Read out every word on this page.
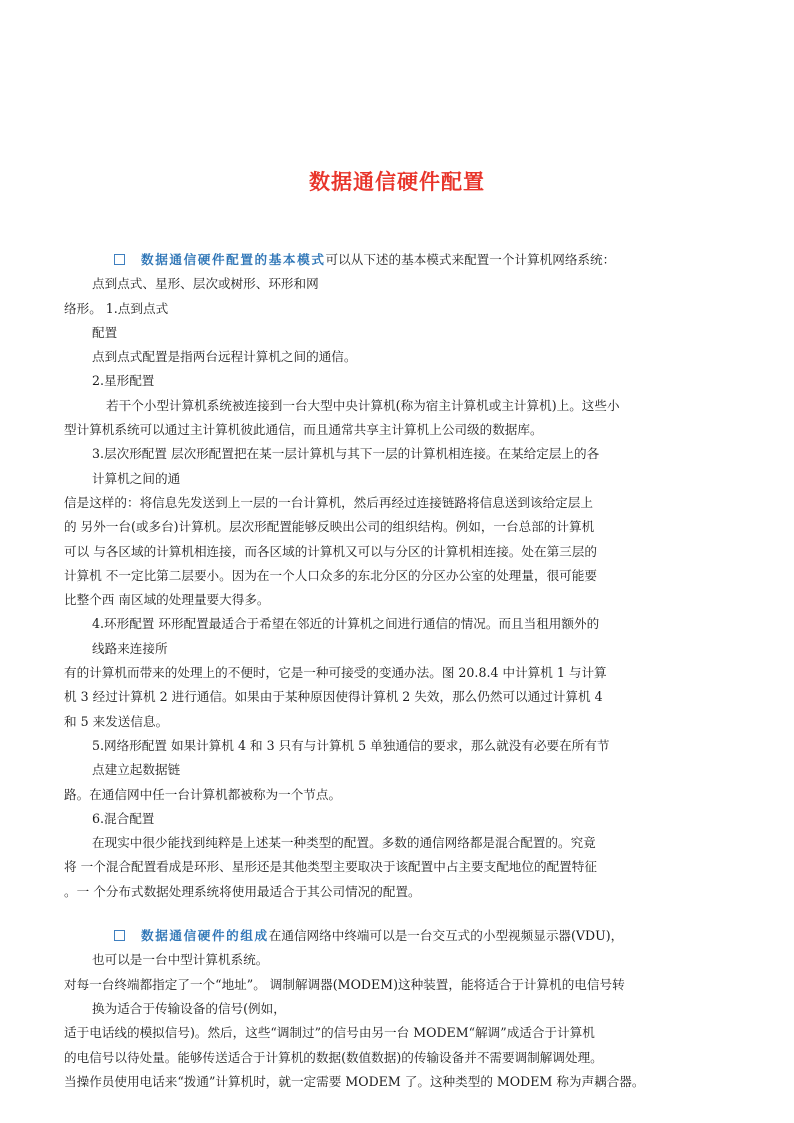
数据通信硬件配置
数据通信硬件配置的基本模式可以从下述的基本模式来配置一个计算机网络系统：
点到点式、星形、层次或树形、环形和网
络形。 1.点到点式
配置
点到点式配置是指两台远程计算机之间的通信。
2.星形配置
若干个小型计算机系统被连接到一台大型中央计算机(称为宿主计算机或主计算机)上。这些小
型计算机系统可以通过主计算机彼此通信，而且通常共享主计算机上公司级的数据库。
3.层次形配置 层次形配置把在某一层计算机与其下一层的计算机相连接。在某给定层上的各
计算机之间的通
信是这样的：将信息先发送到上一层的一台计算机，然后再经过连接链路将信息送到该给定层上
的 另外一台(或多台)计算机。层次形配置能够反映出公司的组织结构。例如，一台总部的计算机
可以 与各区域的计算机相连接，而各区域的计算机又可以与分区的计算机相连接。处在第三层的
计算机 不一定比第二层要小。因为在一个人口众多的东北分区的分区办公室的处理量，很可能要
比整个西 南区域的处理量要大得多。
4.环形配置 环形配置最适合于希望在邻近的计算机之间进行通信的情况。而且当租用额外的
线路来连接所
有的计算机而带来的处理上的不便时，它是一种可接受的变通办法。图 20.8.4 中计算机 1 与计算
机 3 经过计算机 2 进行通信。如果由于某种原因使得计算机 2 失效，那么仍然可以通过计算机 4
和 5 来发送信息。
5.网络形配置 如果计算机 4 和 3 只有与计算机 5 单独通信的要求，那么就没有必要在所有节
点建立起数据链
路。在通信网中任一台计算机都被称为一个节点。
6.混合配置
在现实中很少能找到纯粹是上述某一种类型的配置。多数的通信网络都是混合配置的。究竟
将 一个混合配置看成是环形、星形还是其他类型主要取决于该配置中占主要支配地位的配置特征
。一 个分布式数据处理系统将使用最适合于其公司情况的配置。
数据通信硬件的组成在通信网络中终端可以是一台交互式的小型视频显示器(VDU)，
也可以是一台中型计算机系统。
对每一台终端都指定了一个“地址”。 调制解调器(MODEM)这种装置，能将适合于计算机的电信号转
换为适合于传输设备的信号(例如，
适于电话线的模拟信号)。然后，这些“调制过”的信号由另一台 MODEM“解调”成适合于计算机
的电信号以待处量。能够传送适合于计算机的数据(数值数据)的传输设备并不需要调制解调处理。
当操作员使用电话来“拨通”计算机时，就一定需要 MODEM 了。这种类型的 MODEM 称为声耦合器。
